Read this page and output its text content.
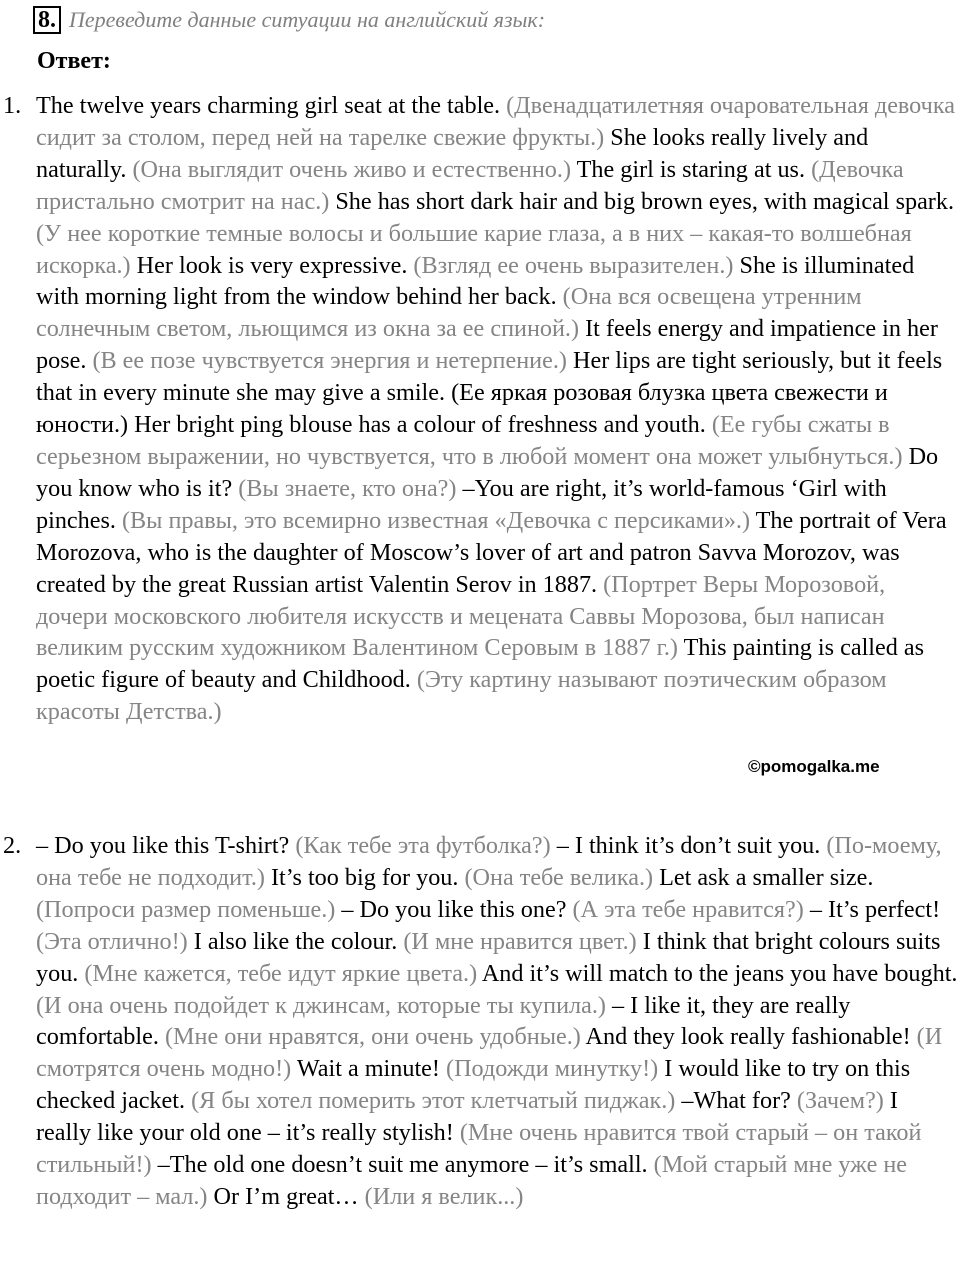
8. Переведите данные ситуации на английский язык:
Ответ:
1. The twelve years charming girl seat at the table. (Двенадцатилетняя очаровательная девочка сидит за столом, перед ней на тарелке свежие фрукты.) She looks really lively and naturally. (Она выглядит очень живо и естественно.) The girl is staring at us. (Девочка пристально смотрит на нас.) She has short dark hair and big brown eyes, with magical spark. (У нее короткие темные волосы и большие карие глаза, а в них – какая-то волшебная искорка.) Her look is very expressive. (Взгляд ее очень выразителен.) She is illuminated with morning light from the window behind her back. (Она вся освещена утренним солнечным светом, льющимся из окна за ее спиной.) It feels energy and impatience in her pose. (В ее позе чувствуется энергия и нетерпение.) Her lips are tight seriously, but it feels that in every minute she may give a smile. (Ее яркая розовая блузка цвета свежести и юности.) Her bright ping blouse has a colour of freshness and youth. (Ее губы сжаты в серьезном выражении, но чувствуется, что в любой момент она может улыбнуться.) Do you know who is it? (Вы знаете, кто она?) –You are right, it’s world-famous ‘Girl with pinches. (Вы правы, это всемирно известная «Девочка с персиками».) The portrait of Vera Morozova, who is the daughter of Moscow’s lover of art and patron Savva Morozov, was created by the great Russian artist Valentin Serov in 1887. (Портрет Веры Морозовой, дочери московского любителя искусств и мецената Саввы Морозова, был написан великим русским художником Валентином Серовым в 1887 г.) This painting is called as poetic figure of beauty and Childhood. (Эту картину называют поэтическим образом красоты Детства.)
2. – Do you like this T-shirt? (Как тебе эта футболка?) – I think it’s don’t suit you. (По-моему, она тебе не подходит.) It’s too big for you. (Она тебе велика.) Let ask a smaller size. (Попроси размер поменьше.) – Do you like this one? (А эта тебе нравится?) – It’s perfect! (Эта отлично!) I also like the colour. (И мне нравится цвет.) I think that bright colours suits you. (Мне кажется, тебе идут яркие цвета.) And it’s will match to the jeans you have bought. (И она очень подойдет к джинсам, которые ты купила.) – I like it, they are really comfortable. (Мне они нравятся, они очень удобные.) And they look really fashionable! (И смотрятся очень модно!) Wait a minute! (Подожди минутку!) I would like to try on this checked jacket. (Я бы хотел померить этот клетчатый пиджак.) –What for? (Зачем?) I really like your old one – it’s really stylish! (Мне очень нравится твой старый – он такой стильный!) –The old one doesn’t suit me anymore – it’s small. (Мой старый мне уже не подходит – мал.) Or I’m great… (Или я велик...)
©pomogalka.me
